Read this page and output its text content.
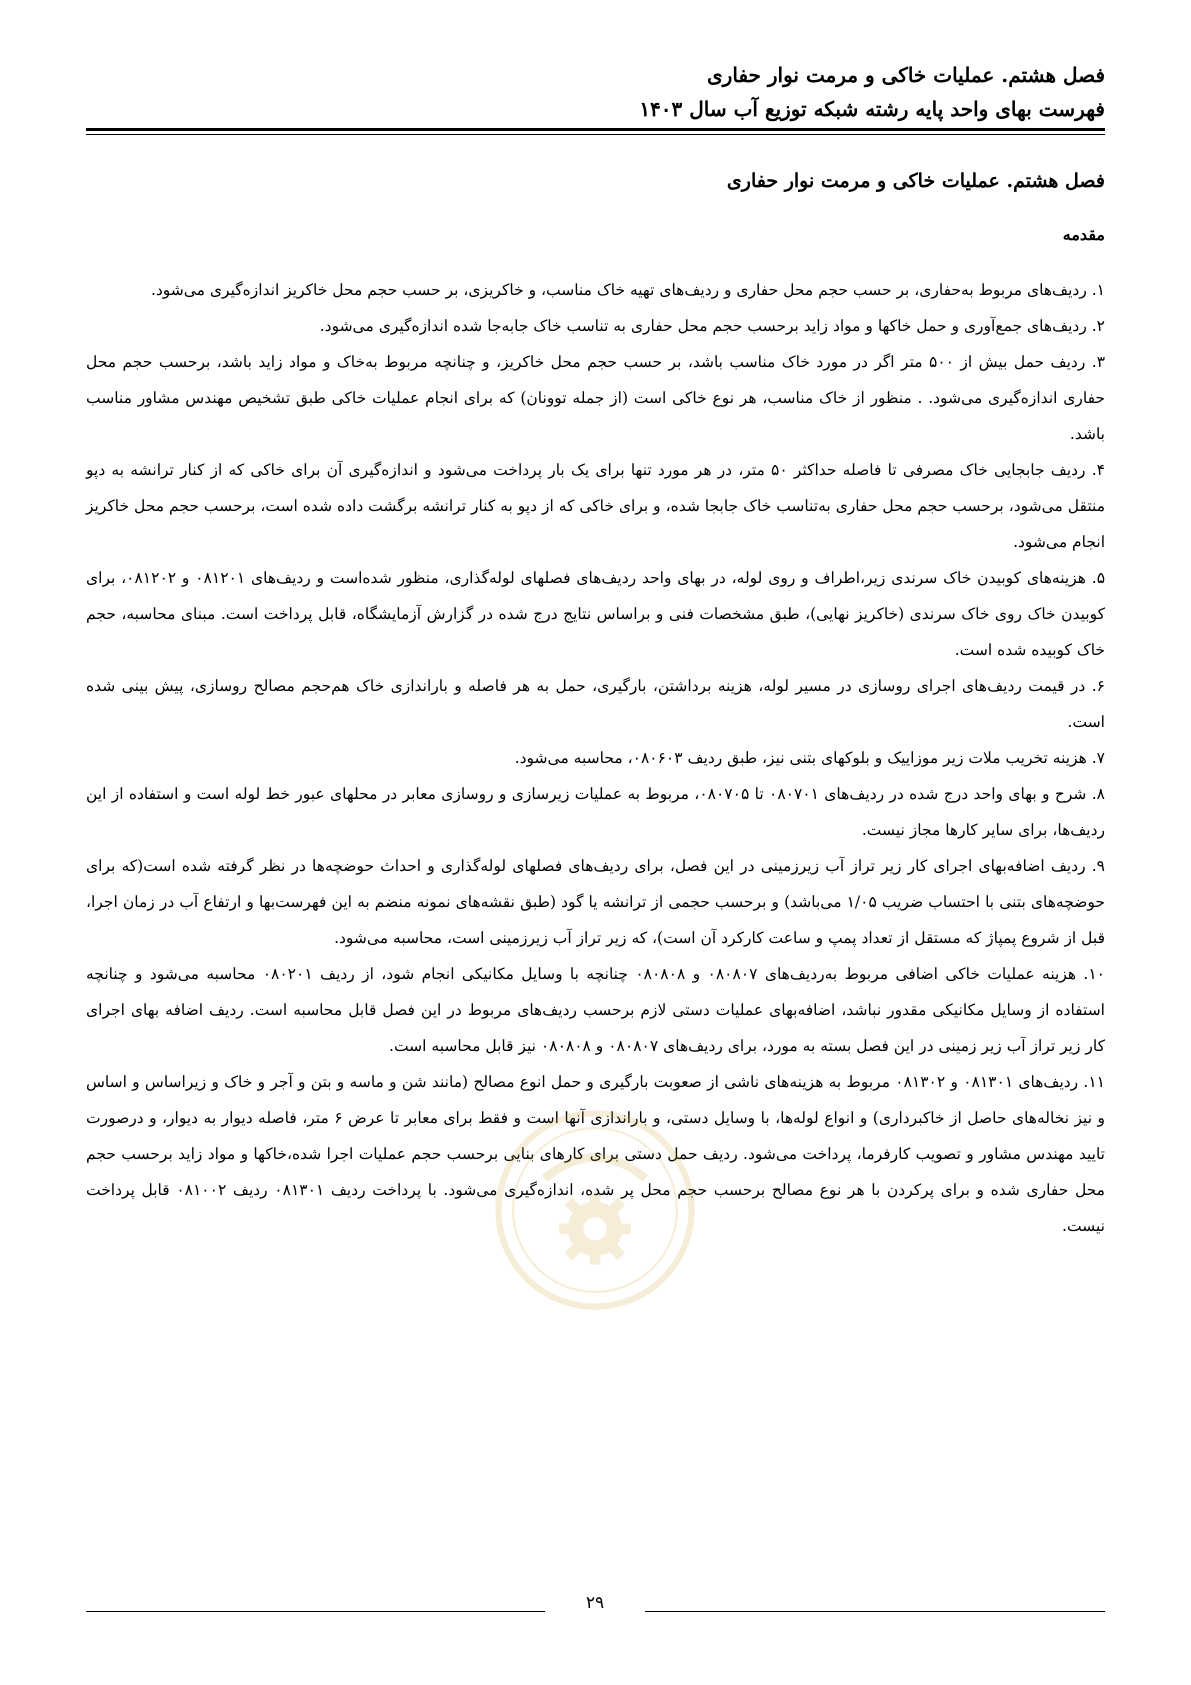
فصل هشتم. عملیات خاکی و مرمت نوار حفاری
فهرست بهای واحد پایه رشته شبکه توزیع آب سال ۱۴۰۳
فصل هشتم. عملیات خاکی و مرمت نوار حفاری
مقدمه

۱. ردیف‌های مربوط به‌حفاری، بر حسب حجم محل حفاری و ردیف‌های تهیه خاک مناسب، و خاکریزی، بر حسب حجم محل خاکریز اندازه‌گیری می‌شود.

۲. ردیف‌های جمع‌آوری و حمل خاکها و مواد زاید برحسب حجم محل حفاری به تناسب خاک جابه‌جا شده اندازه‌گیری می‌شود.

۳. ردیف حمل بیش از ۵۰۰ متر اگر در مورد خاک مناسب باشد، بر حسب حجم محل خاکریز، و چنانچه مربوط به‌خاک و مواد زاید باشد، برحسب حجم محل حفاری اندازه‌گیری می‌شود. . منظور از خاک مناسب، هر نوع خاکی است (از جمله توونان) که برای انجام عملیات خاکی طبق تشخیص مهندس مشاور مناسب باشد.

۴. ردیف جابجایی خاک مصرفی تا فاصله حداکثر ۵۰ متر، در هر مورد تنها برای یک بار پرداخت می‌شود و اندازه‌گیری آن برای خاکی که از کنار ترانشه به دپو منتقل می‌شود، برحسب حجم محل حفاری به‌تناسب خاک جابجا شده، و برای خاکی که از دپو به کنار ترانشه برگشت داده شده است، برحسب حجم محل خاکریز انجام می‌شود.

۵. هزینه‌های کوبیدن خاک سرندی زیر،اطراف و روی لوله، در بهای واحد ردیف‌های فصلهای لوله‌گذاری، منظور شده‌است و ردیف‌های ۰۸۱۲۰۱ و ۰۸۱۲۰۲، برای کوبیدن خاک روی خاک سرندی (خاکریز نهایی)، طبق مشخصات فنی و براساس نتایج درج شده در گزارش آزمایشگاه، قابل پرداخت است. مبنای محاسبه، حجم خاک کوبیده شده است.

۶. در قیمت ردیف‌های اجرای روسازی در مسیر لوله، هزینه برداشتن، بارگیری، حمل به هر فاصله و باراندازی خاک هم‌حجم مصالح روسازی، پیش بینی شده است.

۷. هزینه تخریب ملات زیر موزاییک و بلوکهای بتنی نیز، طبق ردیف ۰۸۰۶۰۳، محاسبه می‌شود.

۸. شرح و بهای واحد درج شده در ردیف‌های ۰۸۰۷۰۱ تا ۰۸۰۷۰۵، مربوط به عملیات زیرسازی و روسازی معابر در محلهای عبور خط لوله است و استفاده از این ردیف‌ها، برای سایر کارها مجاز نیست.

۹. ردیف اضافه‌بهای اجرای کار زیر تراز آب زیرزمینی در این فصل، برای ردیف‌های فصلهای لوله‌گذاری و احداث حوضچه‌ها در نظر گرفته شده است(که برای حوضچه‌های بتنی با احتساب ضریب ۱/۰۵ می‌باشد) و برحسب حجمی از ترانشه یا گود (طبق نقشه‌های نمونه منضم به این فهرست‌بها و ارتفاع آب در زمان اجرا، قبل از شروع پمپاژ که مستقل از تعداد پمپ و ساعت کارکرد آن است)، که زیر تراز آب زیرزمینی است، محاسبه می‌شود.

۱۰. هزینه عملیات خاکی اضافی مربوط به‌ردیف‌های ۰۸۰۸۰۷ و ۰۸۰۸۰۸ چنانچه با وسایل مکانیکی انجام شود، از ردیف ۰۸۰۲۰۱ محاسبه می‌شود و چنانچه استفاده از وسایل مکانیکی مقدور نباشد، اضافه‌بهای عملیات دستی لازم برحسب ردیف‌های مربوط در این فصل قابل محاسبه است. ردیف اضافه بهای اجرای کار زیر تراز آب زیر زمینی در این فصل بسته به مورد، برای ردیف‌های ۰۸۰۸۰۷ و ۰۸۰۸۰۸ نیز قابل محاسبه است.

۱۱. ردیف‌های ۰۸۱۳۰۱ و ۰۸۱۳۰۲ مربوط به هزینه‌های ناشی از صعوبت بارگیری و حمل انوع مصالح (مانند شن و ماسه و بتن و آجر و خاک و زیراساس و اساس و نیز نخاله‌های حاصل از خاکبرداری) و انواع لوله‌ها، با وسایل دستی، و باراندازی آنها است و فقط برای معابر تا عرض ۶ متر، فاصله دیوار به دیوار، و درصورت تایید مهندس مشاور و تصویب کارفرما، پرداخت می‌شود. ردیف حمل دستی برای کارهای بنایی برحسب حجم عملیات اجرا شده،خاکها و مواد زاید برحسب حجم محل حفاری شده و برای پرکردن با هر نوع مصالح برحسب حجم محل پر شده، اندازه‌گیری می‌شود. با پرداخت ردیف ۰۸۱۳۰۱ ردیف ۰۸۱۰۰۲ قابل پرداخت نیست.

۲۹
